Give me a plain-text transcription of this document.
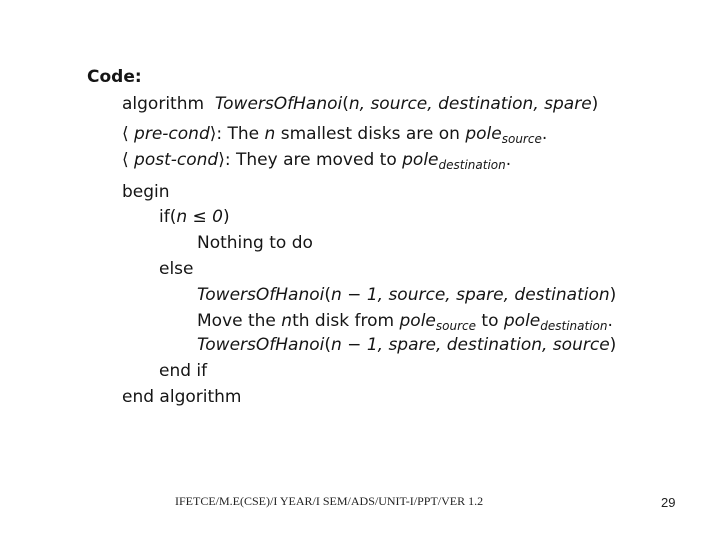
Code:
algorithm TowersOfHanoi(n, source, destination, spare)
⟨ pre-cond⟩: The n smallest disks are on pole$_{source}$.
⟨ post-cond⟩: They are moved to pole$_{destination}$.
begin
if(n ≤ 0)
Nothing to do
else
TowersOfHanoi(n − 1, source, spare, destination)
Move the nth disk from pole$_{source}$ to pole$_{destination}$.
TowersOfHanoi(n − 1, spare, destination, source)
end if
end algorithm
IFETCE/M.E(CSE)/I YEAR/I SEM/ADS/UNIT-I/PPT/VER 1.2	29
